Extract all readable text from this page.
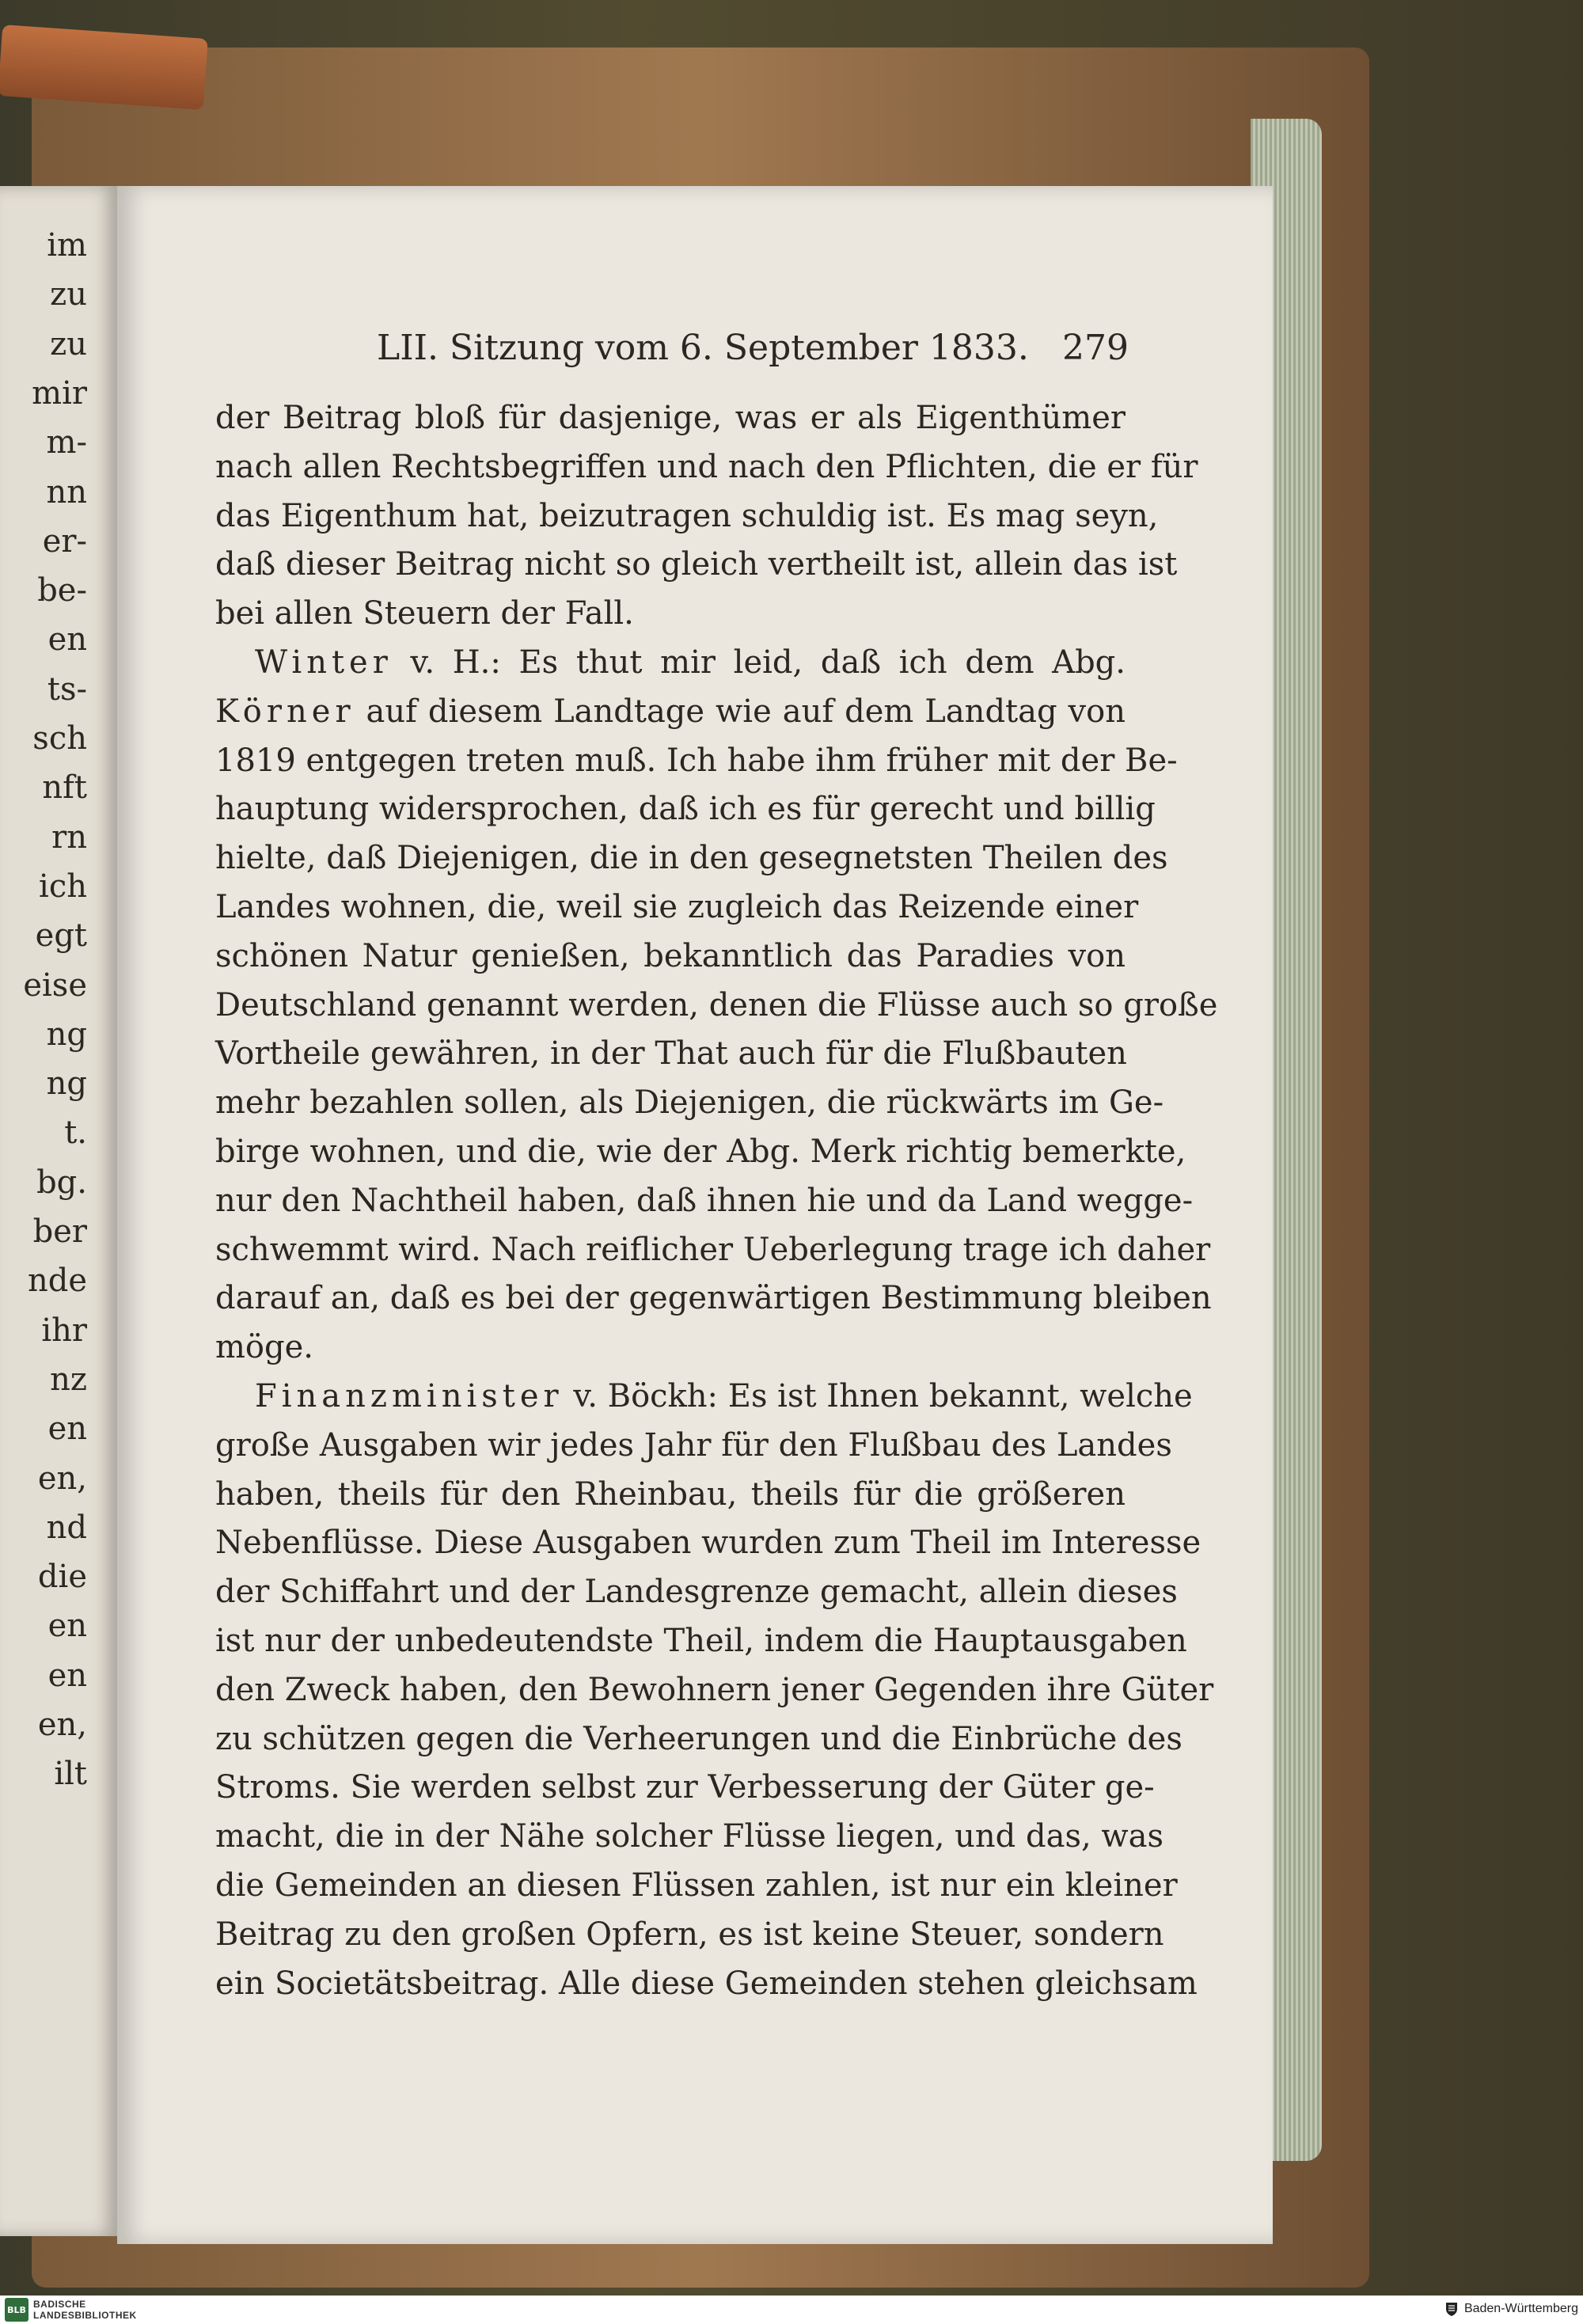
im
zu
zu
mir
m-
nn
er-
be-
en
ts-
sch
nft
rn
ich
egt
eise
ng
ng
t.
bg.
ber
nde
ihr
nz
en
en,
nd
die
en
en
en,
ilt
LII. Sitzung vom 6. September 1833. 279
der Beitrag bloß für dasjenige, was er als Eigenthümer
nach allen Rechtsbegriffen und nach den Pflichten, die er für
das Eigenthum hat, beizutragen schuldig ist. Es mag seyn,
daß dieser Beitrag nicht so gleich vertheilt ist, allein das ist
bei allen Steuern der Fall.
Winter v. H.: Es thut mir leid, daß ich dem Abg.
Körner auf diesem Landtage wie auf dem Landtag von
1819 entgegen treten muß. Ich habe ihm früher mit der Be-
hauptung widersprochen, daß ich es für gerecht und billig
hielte, daß Diejenigen, die in den gesegnetsten Theilen des
Landes wohnen, die, weil sie zugleich das Reizende einer
schönen Natur genießen, bekanntlich das Paradies von
Deutschland genannt werden, denen die Flüsse auch so große
Vortheile gewähren, in der That auch für die Flußbauten
mehr bezahlen sollen, als Diejenigen, die rückwärts im Ge-
birge wohnen, und die, wie der Abg. Merk richtig bemerkte,
nur den Nachtheil haben, daß ihnen hie und da Land wegge-
schwemmt wird. Nach reiflicher Ueberlegung trage ich daher
darauf an, daß es bei der gegenwärtigen Bestimmung bleiben
möge.
Finanzminister v. Böckh: Es ist Ihnen bekannt, welche
große Ausgaben wir jedes Jahr für den Flußbau des Landes
haben, theils für den Rheinbau, theils für die größeren
Nebenflüsse. Diese Ausgaben wurden zum Theil im Interesse
der Schiffahrt und der Landesgrenze gemacht, allein dieses
ist nur der unbedeutendste Theil, indem die Hauptausgaben
den Zweck haben, den Bewohnern jener Gegenden ihre Güter
zu schützen gegen die Verheerungen und die Einbrüche des
Stroms. Sie werden selbst zur Verbesserung der Güter ge-
macht, die in der Nähe solcher Flüsse liegen, und das, was
die Gemeinden an diesen Flüssen zahlen, ist nur ein kleiner
Beitrag zu den großen Opfern, es ist keine Steuer, sondern
ein Societätsbeitrag. Alle diese Gemeinden stehen gleichsam
BLB BADISCHE
LANDESBIBLIOTHEK	Baden-Württemberg
